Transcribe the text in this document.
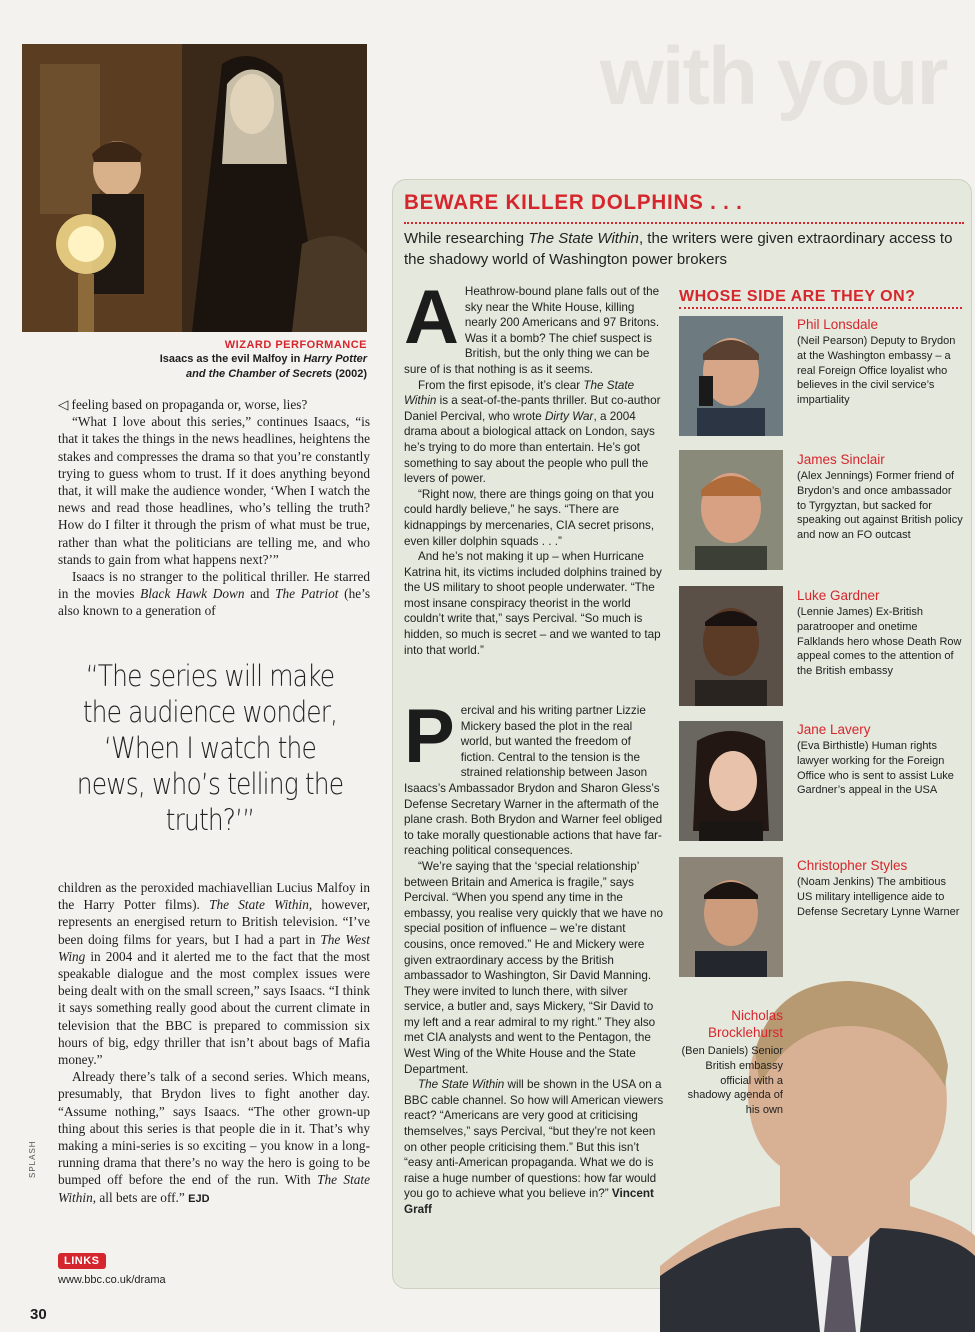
with your
SPLASH
WIZARD PERFORMANCE
Isaacs as the evil Malfoy in Harry Potter
and the Chamber of Secrets (2002)

◁ feeling based on propaganda or, worse, lies?

“What I love about this series,” continues Isaacs, “is that it takes the things in the news headlines, heightens the stakes and compresses the drama so that you’re constantly trying to guess whom to trust. If it does anything beyond that, it will make the audience wonder, ‘When I watch the news and read those headlines, who’s telling the truth? How do I filter it through the prism of what must be true, rather than what the politicians are telling me, and who stands to gain from what happens next?’”

Isaacs is no stranger to the political thriller. He starred in the movies Black Hawk Down and The Patriot (he’s also known to a generation of

“The series will make the audience wonder, ‘When I watch the news, who’s telling the truth?’”

children as the peroxided machiavellian Lucius Malfoy in the Harry Potter films). The State Within, however, represents an energised return to British television. “I’ve been doing films for years, but I had a part in The West Wing in 2004 and it alerted me to the fact that the most speakable dialogue and the most complex issues were being dealt with on the small screen,” says Isaacs. “I think it says something really good about the current climate in television that the BBC is prepared to commission six hours of big, edgy thriller that isn’t about bags of Mafia money.”

Already there’s talk of a second series. Which means, presumably, that Brydon lives to fight another day. “Assume nothing,” says Isaacs. “The other grown-up thing about this series is that people die in it. That’s why making a mini-series is so exciting – you know in a long-running drama that there’s no way the hero is going to be bumped off before the end of the run. With The State Within, all bets are off.” EJD

LINKS
www.bbc.co.uk/drama
30
BEWARE KILLER DOLPHINS . . .
While researching The State Within, the writers were given extraordinary access to the shadowy world of Washington power brokers
A Heathrow-bound plane falls out of the sky near the White House, killing nearly 200 Americans and 97 Britons. Was it a bomb? The chief suspect is British, but the only thing we can be sure of is that nothing is as it seems.

From the first episode, it’s clear The State Within is a seat-of-the-pants thriller. But co-author Daniel Percival, who wrote Dirty War, a 2004 drama about a biological attack on London, says he’s trying to do more than entertain. He’s got something to say about the people who pull the levers of power.

“Right now, there are things going on that you could hardly believe,” he says. “There are kidnappings by mercenaries, CIA secret prisons, even killer dolphin squads . . .”

And he’s not making it up – when Hurricane Katrina hit, its victims included dolphins trained by the US military to shoot people underwater. “The most insane conspiracy theorist in the world couldn’t write that,” says Percival. “So much is hidden, so much is secret – and we wanted to tap into that world.”

P ercival and his writing partner Lizzie Mickery based the plot in the real world, but wanted the freedom of fiction. Central to the tension is the strained relationship between Jason Isaacs’s Ambassador Brydon and Sharon Gless’s Defense Secretary Warner in the aftermath of the plane crash. Both Brydon and Warner feel obliged to take morally questionable actions that have far-reaching political consequences.

“We’re saying that the ‘special relationship’ between Britain and America is fragile,” says Percival. “When you spend any time in the embassy, you realise very quickly that we have no special position of influence – we’re distant cousins, once removed.” He and Mickery were given extraordinary access by the British ambassador to Washington, Sir David Manning. They were invited to lunch there, with silver service, a butler and, says Mickery, “Sir David to my left and a rear admiral to my right.” They also met CIA analysts and went to the Pentagon, the West Wing of the White House and the State Department.

The State Within will be shown in the USA on a BBC cable channel. So how will American viewers react? “Americans are very good at criticising themselves,” says Percival, “but they’re not keen on other people criticising them.” But this isn’t “easy anti-American propaganda. What we do is raise a huge number of questions: how far would you go to achieve what you believe in?” Vincent Graff

WHOSE SIDE ARE THEY ON?
Phil Lonsdale
(Neil Pearson) Deputy to Brydon at the Washington embassy – a real Foreign Office loyalist who believes in the civil service’s impartiality
James Sinclair
(Alex Jennings) Former friend of Brydon’s and once ambassador to Tyrgyztan, but sacked for speaking out against British policy and now an FO outcast
Luke Gardner
(Lennie James) Ex-British paratrooper and onetime Falklands hero whose Death Row appeal comes to the attention of the British embassy
Jane Lavery
(Eva Birthistle) Human rights lawyer working for the Foreign Office who is sent to assist Luke Gardner’s appeal in the USA
Christopher Styles
(Noam Jenkins) The ambitious US military intelligence aide to Defense Secretary Lynne Warner
Nicholas Brocklehurst
(Ben Daniels) Senior British embassy official with a shadowy agenda of his own
